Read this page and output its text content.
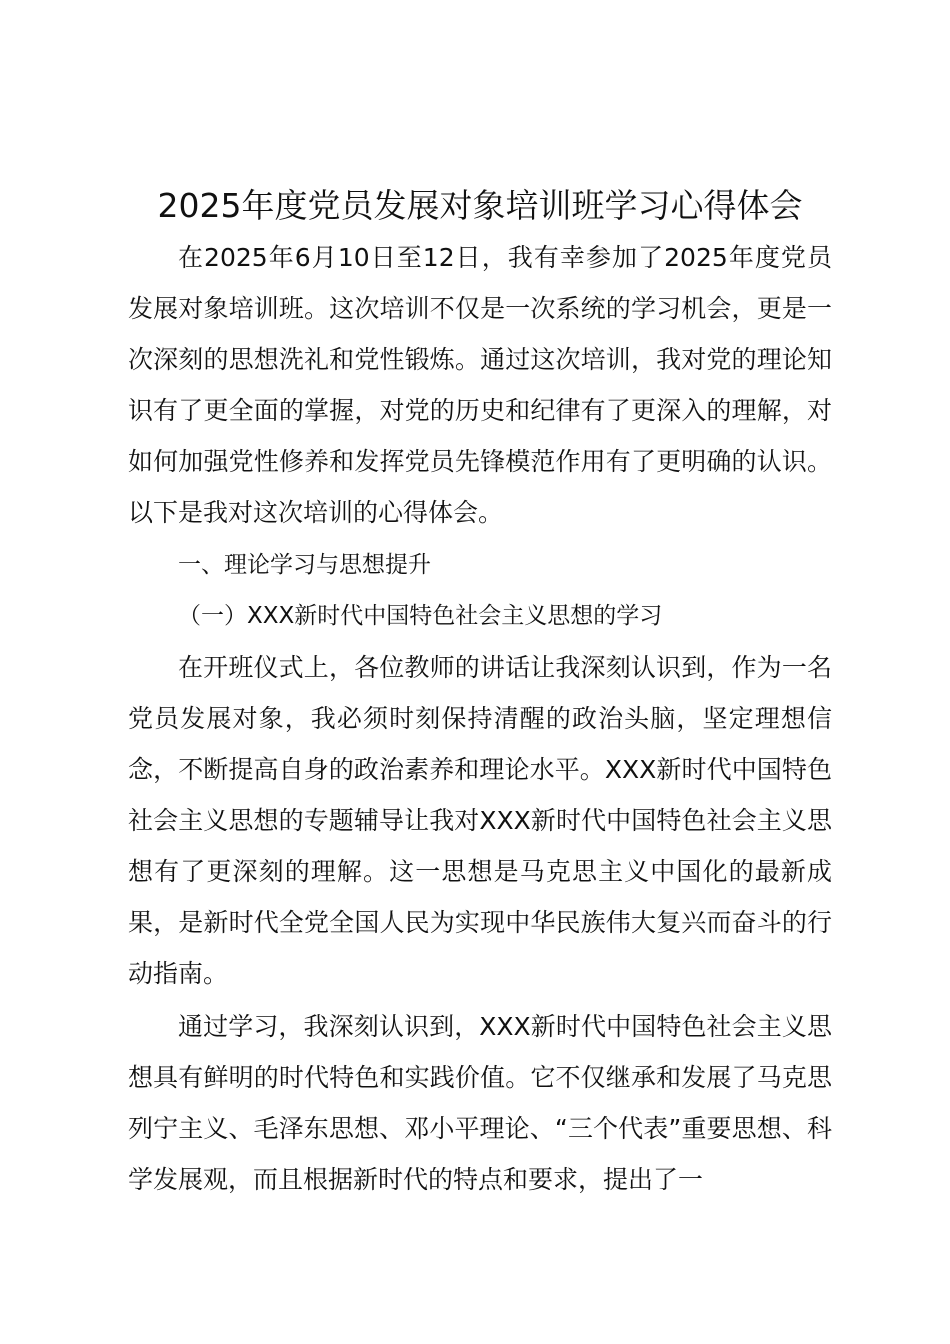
2025年度党员发展对象培训班学习心得体会

在2025年6月10日至12日，我有幸参加了2025年度党员发展对象培训班。这次培训不仅是一次系统的学习机会，更是一次深刻的思想洗礼和党性锻炼。通过这次培训，我对党的理论知识有了更全面的掌握，对党的历史和纪律有了更深入的理解，对如何加强党性修养和发挥党员先锋模范作用有了更明确的认识。以下是我对这次培训的心得体会。

一、理论学习与思想提升

（一）XXX新时代中国特色社会主义思想的学习

在开班仪式上，各位教师的讲话让我深刻认识到，作为一名党员发展对象，我必须时刻保持清醒的政治头脑，坚定理想信念，不断提高自身的政治素养和理论水平。XXX新时代中国特色社会主义思想的专题辅导让我对XXX新时代中国特色社会主义思想有了更深刻的理解。这一思想是马克思主义中国化的最新成果，是新时代全党全国人民为实现中华民族伟大复兴而奋斗的行动指南。

通过学习，我深刻认识到，XXX新时代中国特色社会主义思想具有鲜明的时代特色和实践价值。它不仅继承和发展了马克思列宁主义、毛泽东思想、邓小平理论、“三个代表”重要思想、科学发展观，而且根据新时代的特点和要求，提出了一
